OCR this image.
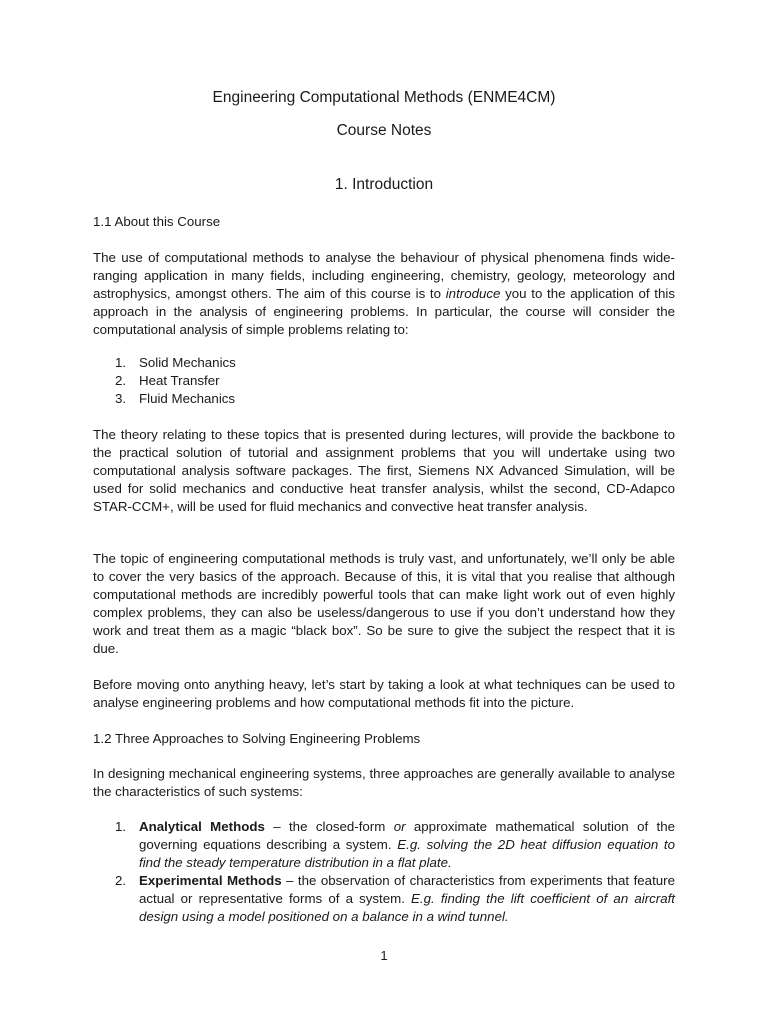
Engineering Computational Methods (ENME4CM)
Course Notes
1. Introduction
1.1 About this Course

The use of computational methods to analyse the behaviour of physical phenomena finds wide-ranging application in many fields, including engineering, chemistry, geology, meteorology and astrophysics, amongst others. The aim of this course is to introduce you to the application of this approach in the analysis of engineering problems. In particular, the course will consider the computational analysis of simple problems relating to:

1. Solid Mechanics
2. Heat Transfer
3. Fluid Mechanics

The theory relating to these topics that is presented during lectures, will provide the backbone to the practical solution of tutorial and assignment problems that you will undertake using two computational analysis software packages. The first, Siemens NX Advanced Simulation, will be used for solid mechanics and conductive heat transfer analysis, whilst the second, CD-Adapco STAR-CCM+, will be used for fluid mechanics and convective heat transfer analysis.

The topic of engineering computational methods is truly vast, and unfortunately, we’ll only be able to cover the very basics of the approach. Because of this, it is vital that you realise that although computational methods are incredibly powerful tools that can make light work out of even highly complex problems, they can also be useless/dangerous to use if you don’t understand how they work and treat them as a magic “black box”. So be sure to give the subject the respect that it is due.

Before moving onto anything heavy, let’s start by taking a look at what techniques can be used to analyse engineering problems and how computational methods fit into the picture.

1.2 Three Approaches to Solving Engineering Problems

In designing mechanical engineering systems, three approaches are generally available to analyse the characteristics of such systems:

1. Analytical Methods – the closed-form or approximate mathematical solution of the governing equations describing a system. E.g. solving the 2D heat diffusion equation to find the steady temperature distribution in a flat plate.
2. Experimental Methods – the observation of characteristics from experiments that feature actual or representative forms of a system. E.g. finding the lift coefficient of an aircraft design using a model positioned on a balance in a wind tunnel.
1
